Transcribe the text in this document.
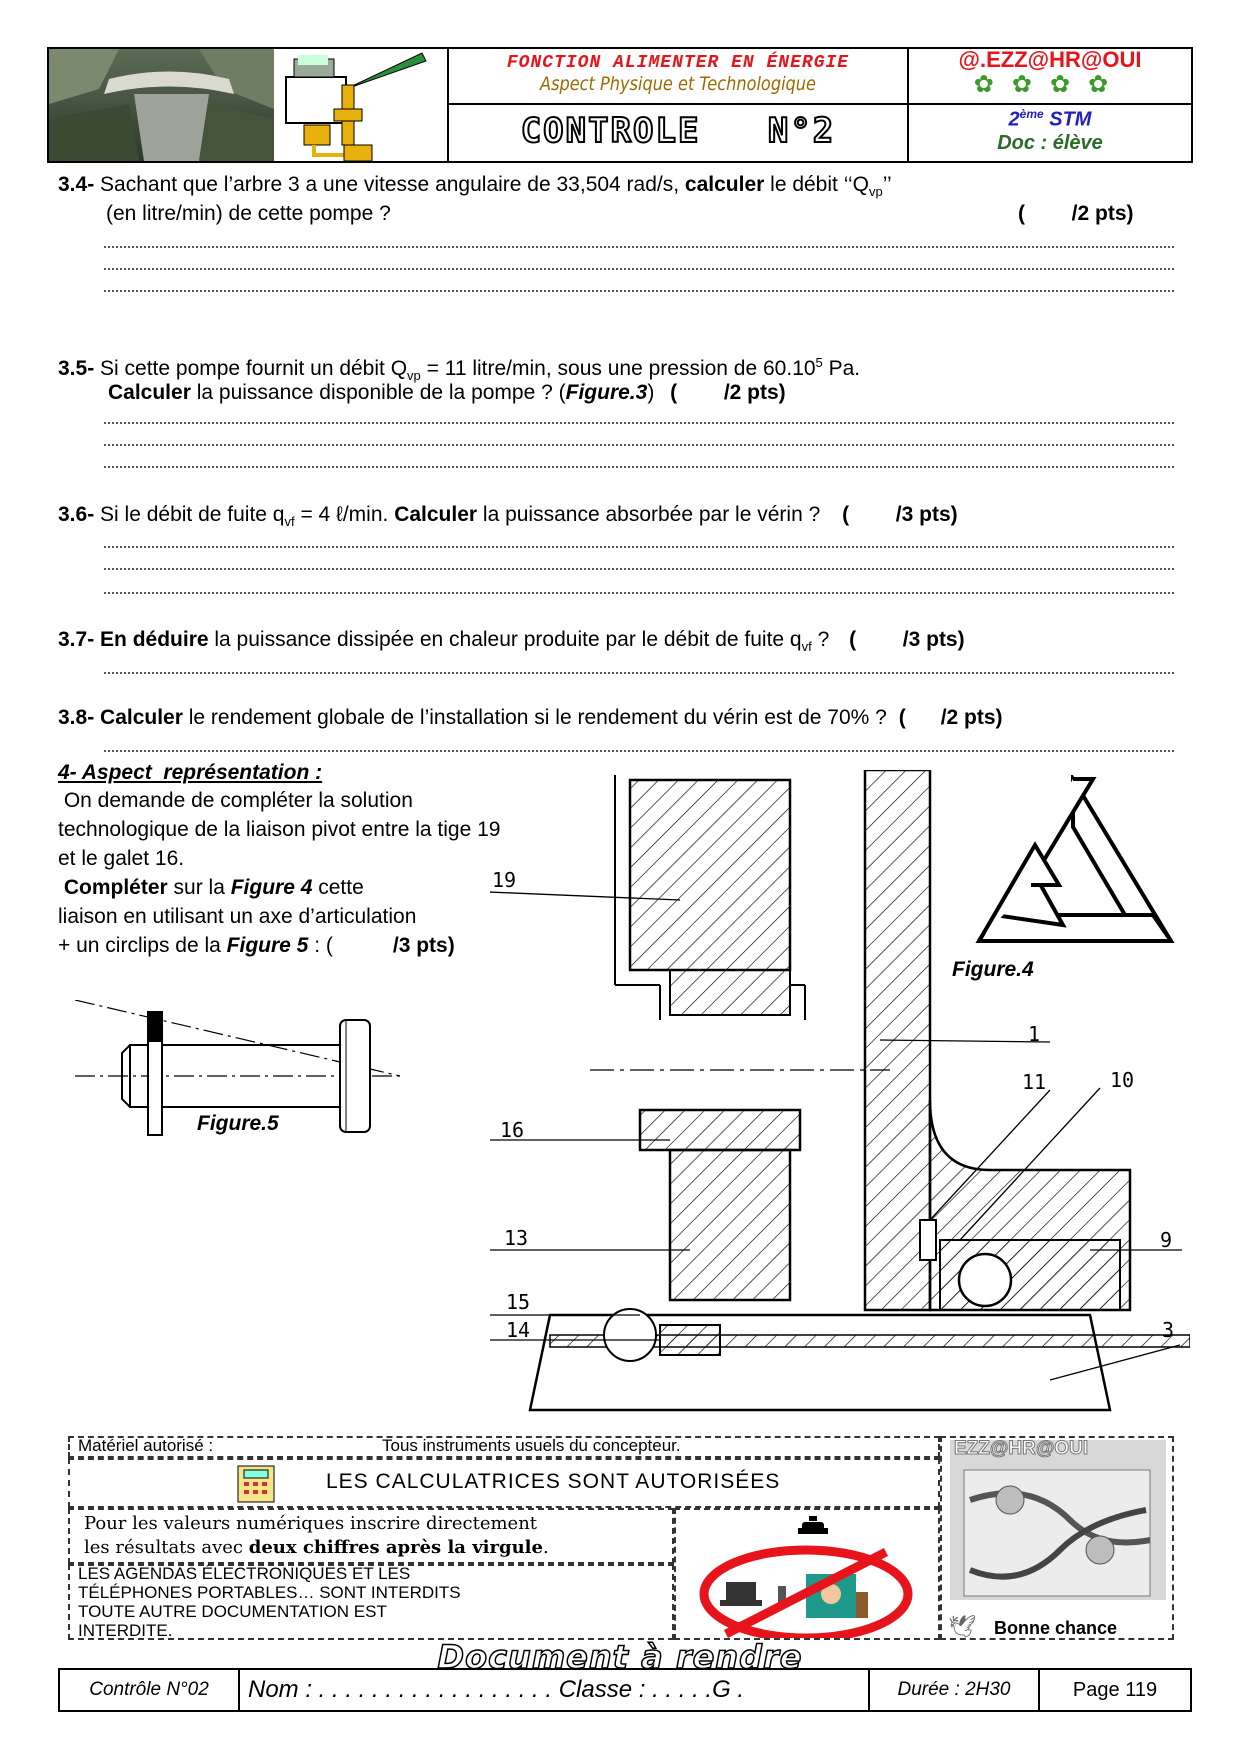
FONCTION ALIMENTER EN ÉNERGIE
Aspect Physique et Technologique
CONTROLE   N°2
@.EZZ@HR@OUI
✿✿✿✿
2ème STM
Doc : élève
3.4- Sachant que l’arbre 3 a une vitesse angulaire de 33,504 rad/s, calculer le débit ‘‘$Q_{vp}$’’
(en litre/min) de cette pompe ?	(        /2 pts)
3.5- Si cette pompe fournit un débit $Q_{vp} = 11$ litre/min, sous une pression de 60.10$^5$ Pa.
Calculer la puissance disponible de la pompe ? (Figure.3) (        /2 pts)
3.6- Si le débit de fuite $q_{vf} = 4$ ℓ/min. Calculer la puissance absorbée par le vérin ? (        /3 pts)
3.7- En déduire la puissance dissipée en chaleur produite par le débit de fuite $q_{vf}$ ? (        /3 pts)
3.8- Calculer le rendement globale de l’installation si le rendement du vérin est de 70% ? (      /2 pts)
4- Aspect  représentation :
On demande de compléter la solution
technologique de la liaison pivot entre la tige 19
et le galet 16.
Compléter sur la Figure 4 cette
liaison en utilisant un axe d’articulation
+ un circlips de la Figure 5 : (	/3 pts)
Figure.5
Figure.4
19
1
11	10
16
13	9
15
14	3
Matériel autorisé :	Tous instruments usuels du concepteur.
LES CALCULATRICES SONT AUTORISÉES
Pour les valeurs numériques inscrire directement
les résultats avec deux chiffres après la virgule.
LES AGENDAS ÉLECTRONIQUES ET LES
TÉLÉPHONES PORTABLES… SONT INTERDITS
TOUTE AUTRE DOCUMENTATION EST
INTERDITE.
EZZ@HR@OUI
🕊 Bonne chance
Document à rendre
Contrôle N°02	Nom : . . . . . . . . . . . . . . . . . . Classe : . . . . .G .	Durée : 2H30	Page 119
